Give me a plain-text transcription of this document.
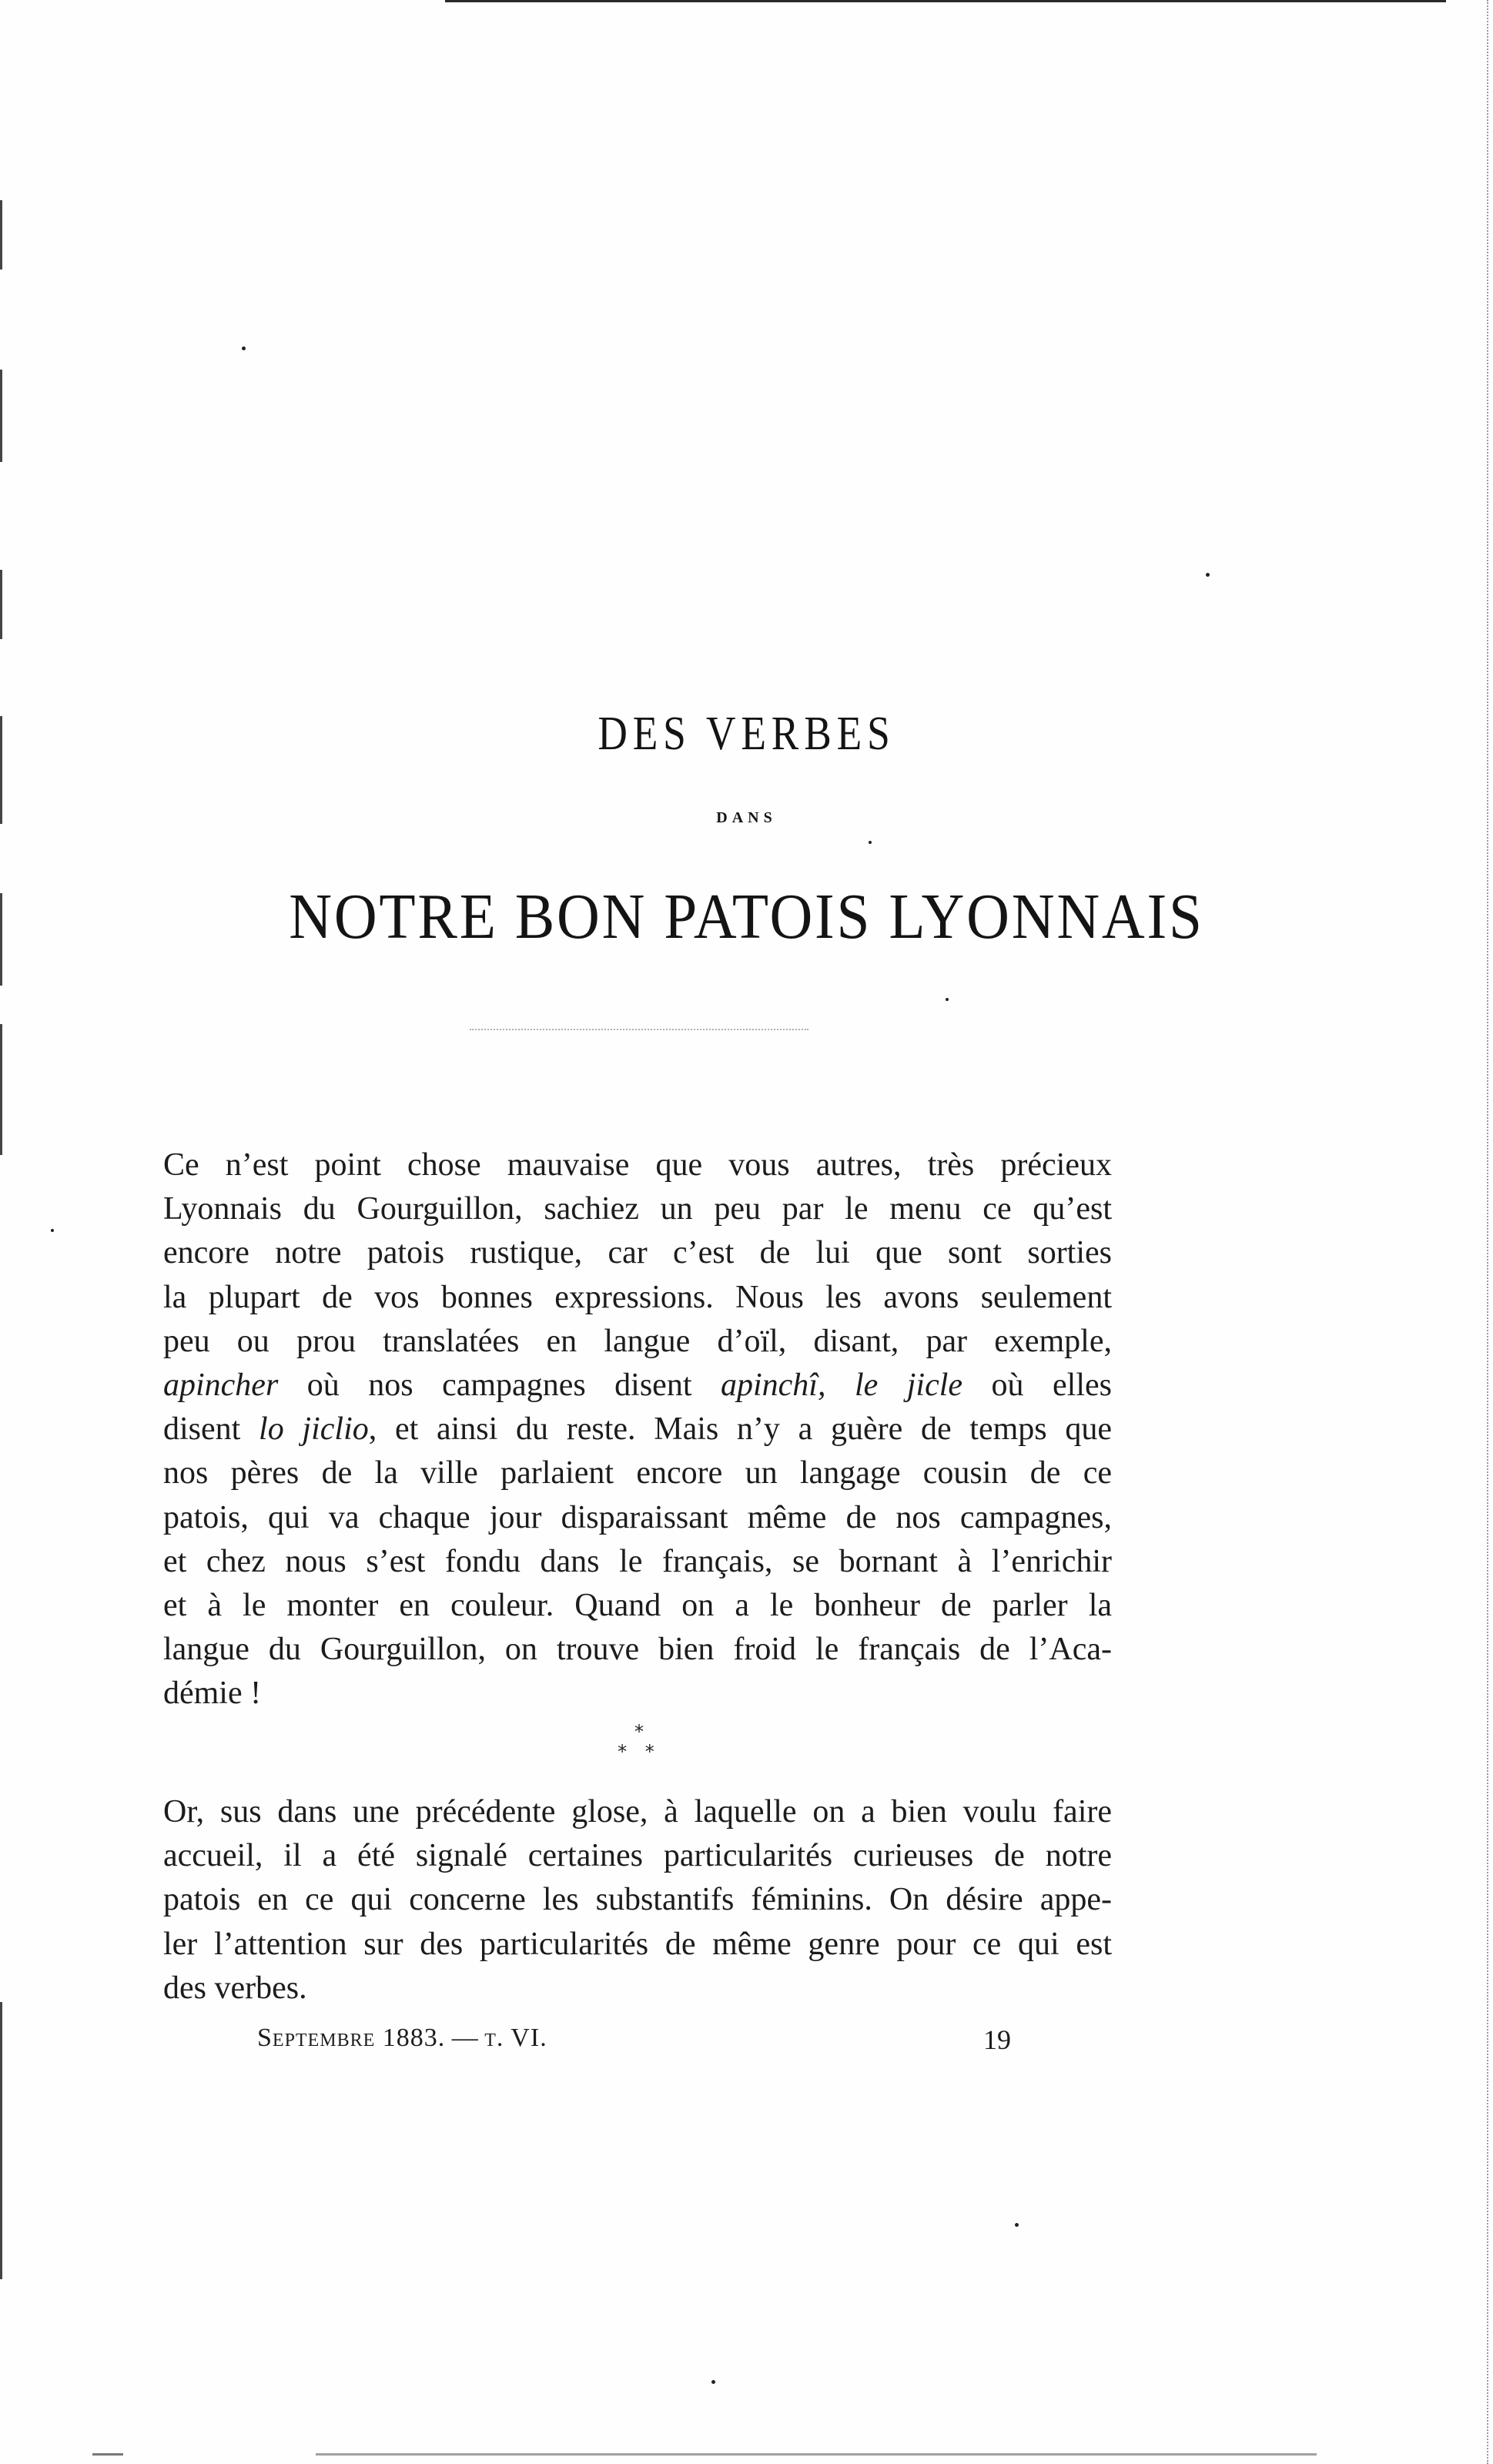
DES VERBES
DANS
NOTRE BON PATOIS LYONNAIS
Ce n’est point chose mauvaise que vous autres, très précieux
Lyonnais du Gourguillon, sachiez un peu par le menu ce qu’est
encore notre patois rustique, car c’est de lui que sont sorties
la plupart de vos bonnes expressions. Nous les avons seulement
peu ou prou translatées en langue d’oïl, disant, par exemple,
apincher où nos campagnes disent apinchî, le jicle où elles
disent lo jiclio, et ainsi du reste. Mais n’y a guère de temps que
nos pères de la ville parlaient encore un langage cousin de ce
patois, qui va chaque jour disparaissant même de nos campagnes,
et chez nous s’est fondu dans le français, se bornant à l’enrichir
et à le monter en couleur. Quand on a le bonheur de parler la
langue du Gourguillon, on trouve bien froid le français de l’Aca-
démie !
*
* *
Or, sus dans une précédente glose, à laquelle on a bien voulu faire
accueil, il a été signalé certaines particularités curieuses de notre
patois en ce qui concerne les substantifs féminins. On désire appe-
ler l’attention sur des particularités de même genre pour ce qui est
des verbes.
Septembre 1883. — t. VI.	19
